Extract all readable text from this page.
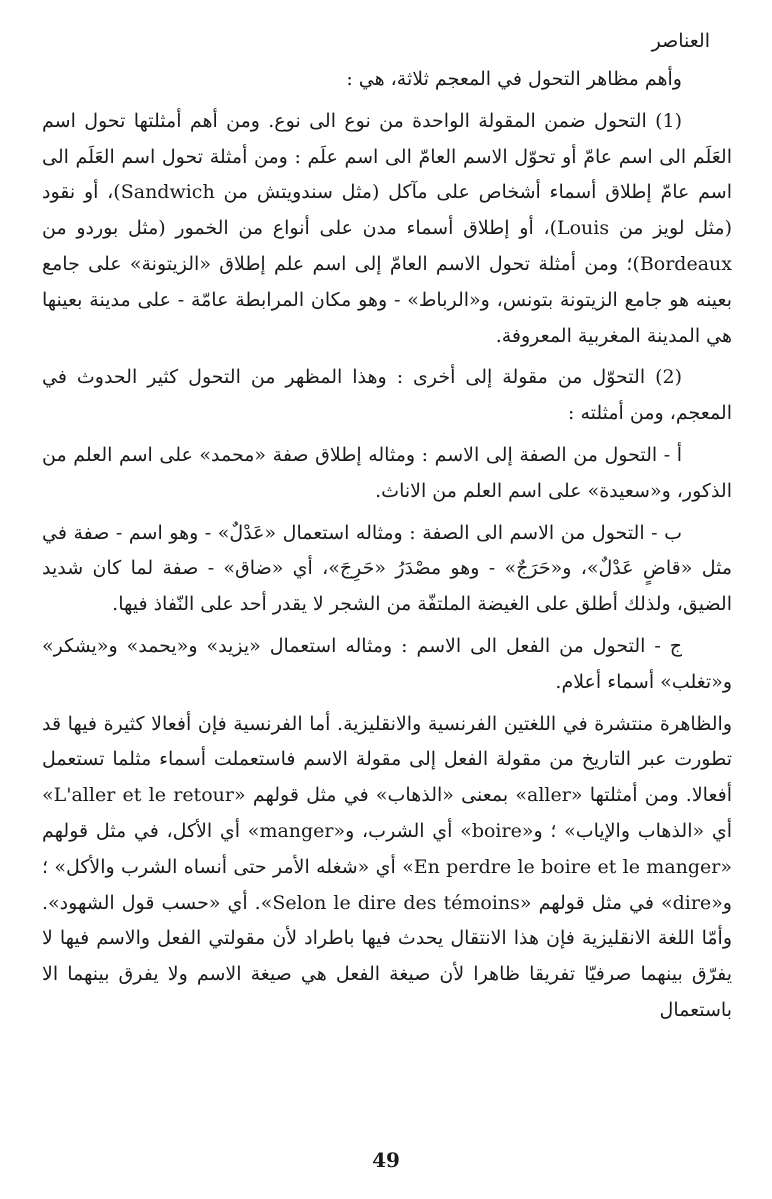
العناصر

وأهم مظاهر التحول في المعجم ثلاثة، هي :

(1) التحول ضمن المقولة الواحدة من نوع الى نوع. ومن أهم أمثلتها تحول اسم العَلَم الى اسم عامّ أو تحوّل الاسم العامّ الى اسم علَم : ومن أمثلة تحول اسم العَلَم الى اسم عامّ إطلاق أسماء أشخاص على مآكل (مثل سندويتش من Sandwich)، أو نقود (مثل لويز من Louis)، أو إطلاق أسماء مدن على أنواع من الخمور (مثل بوردو من Bordeaux)؛ ومن أمثلة تحول الاسم العامّ إلى اسم علم إطلاق «الزيتونة» على جامع بعينه هو جامع الزيتونة بتونس، و«الرباط» - وهو مكان المرابطة عامّة - على مدينة بعينها هي المدينة المغربية المعروفة.

(2) التحوّل من مقولة إلى أخرى : وهذا المظهر من التحول كثير الحدوث في المعجم، ومن أمثلته :

أ - التحول من الصفة إلى الاسم : ومثاله إطلاق صفة «محمد» على اسم العلم من الذكور، و«سعيدة» على اسم العلم من الاناث.

ب - التحول من الاسم الى الصفة : ومثاله استعمال «عَدْلٌ» - وهو اسم - صفة في مثل «قاضٍ عَدْلٌ»، و«حَرَجٌ» - وهو مصْدَرُ «حَرِجَ»، أي «ضاق» - صفة لما كان شديد الضيق، ولذلك أطلق على الغيضة الملتفّة من الشجر لا يقدر أحد على النّفاذ فيها.

ج - التحول من الفعل الى الاسم : ومثاله استعمال «يزيد» و«يحمد» و«يشكر» و«تغلب» أسماء أعلام.

والظاهرة منتشرة في اللغتين الفرنسية والانقليزية. أما الفرنسية فإن أفعالا كثيرة فيها قد تطورت عبر التاريخ من مقولة الفعل إلى مقولة الاسم فاستعملت أسماء مثلما تستعمل أفعالا. ومن أمثلتها «aller» بمعنى «الذهاب» في مثل قولهم «L'aller et le retour» أي «الذهاب والإياب» ؛ و«boire» أي الشرب، و«manger» أي الأكل، في مثل قولهم «En perdre le boire et le manger» أي «شغله الأمر حتى أنساه الشرب والأكل» ؛ و«dire» في مثل قولهم «Selon le dire des témoins». أي «حسب قول الشهود». وأمّا اللغة الانقليزية فإن هذا الانتقال يحدث فيها باطراد لأن مقولتي الفعل والاسم فيها لا يفرّق بينهما صرفيّا تفريقا ظاهرا لأن صيغة الفعل هي صيغة الاسم ولا يفرق بينهما الا باستعمال

49
